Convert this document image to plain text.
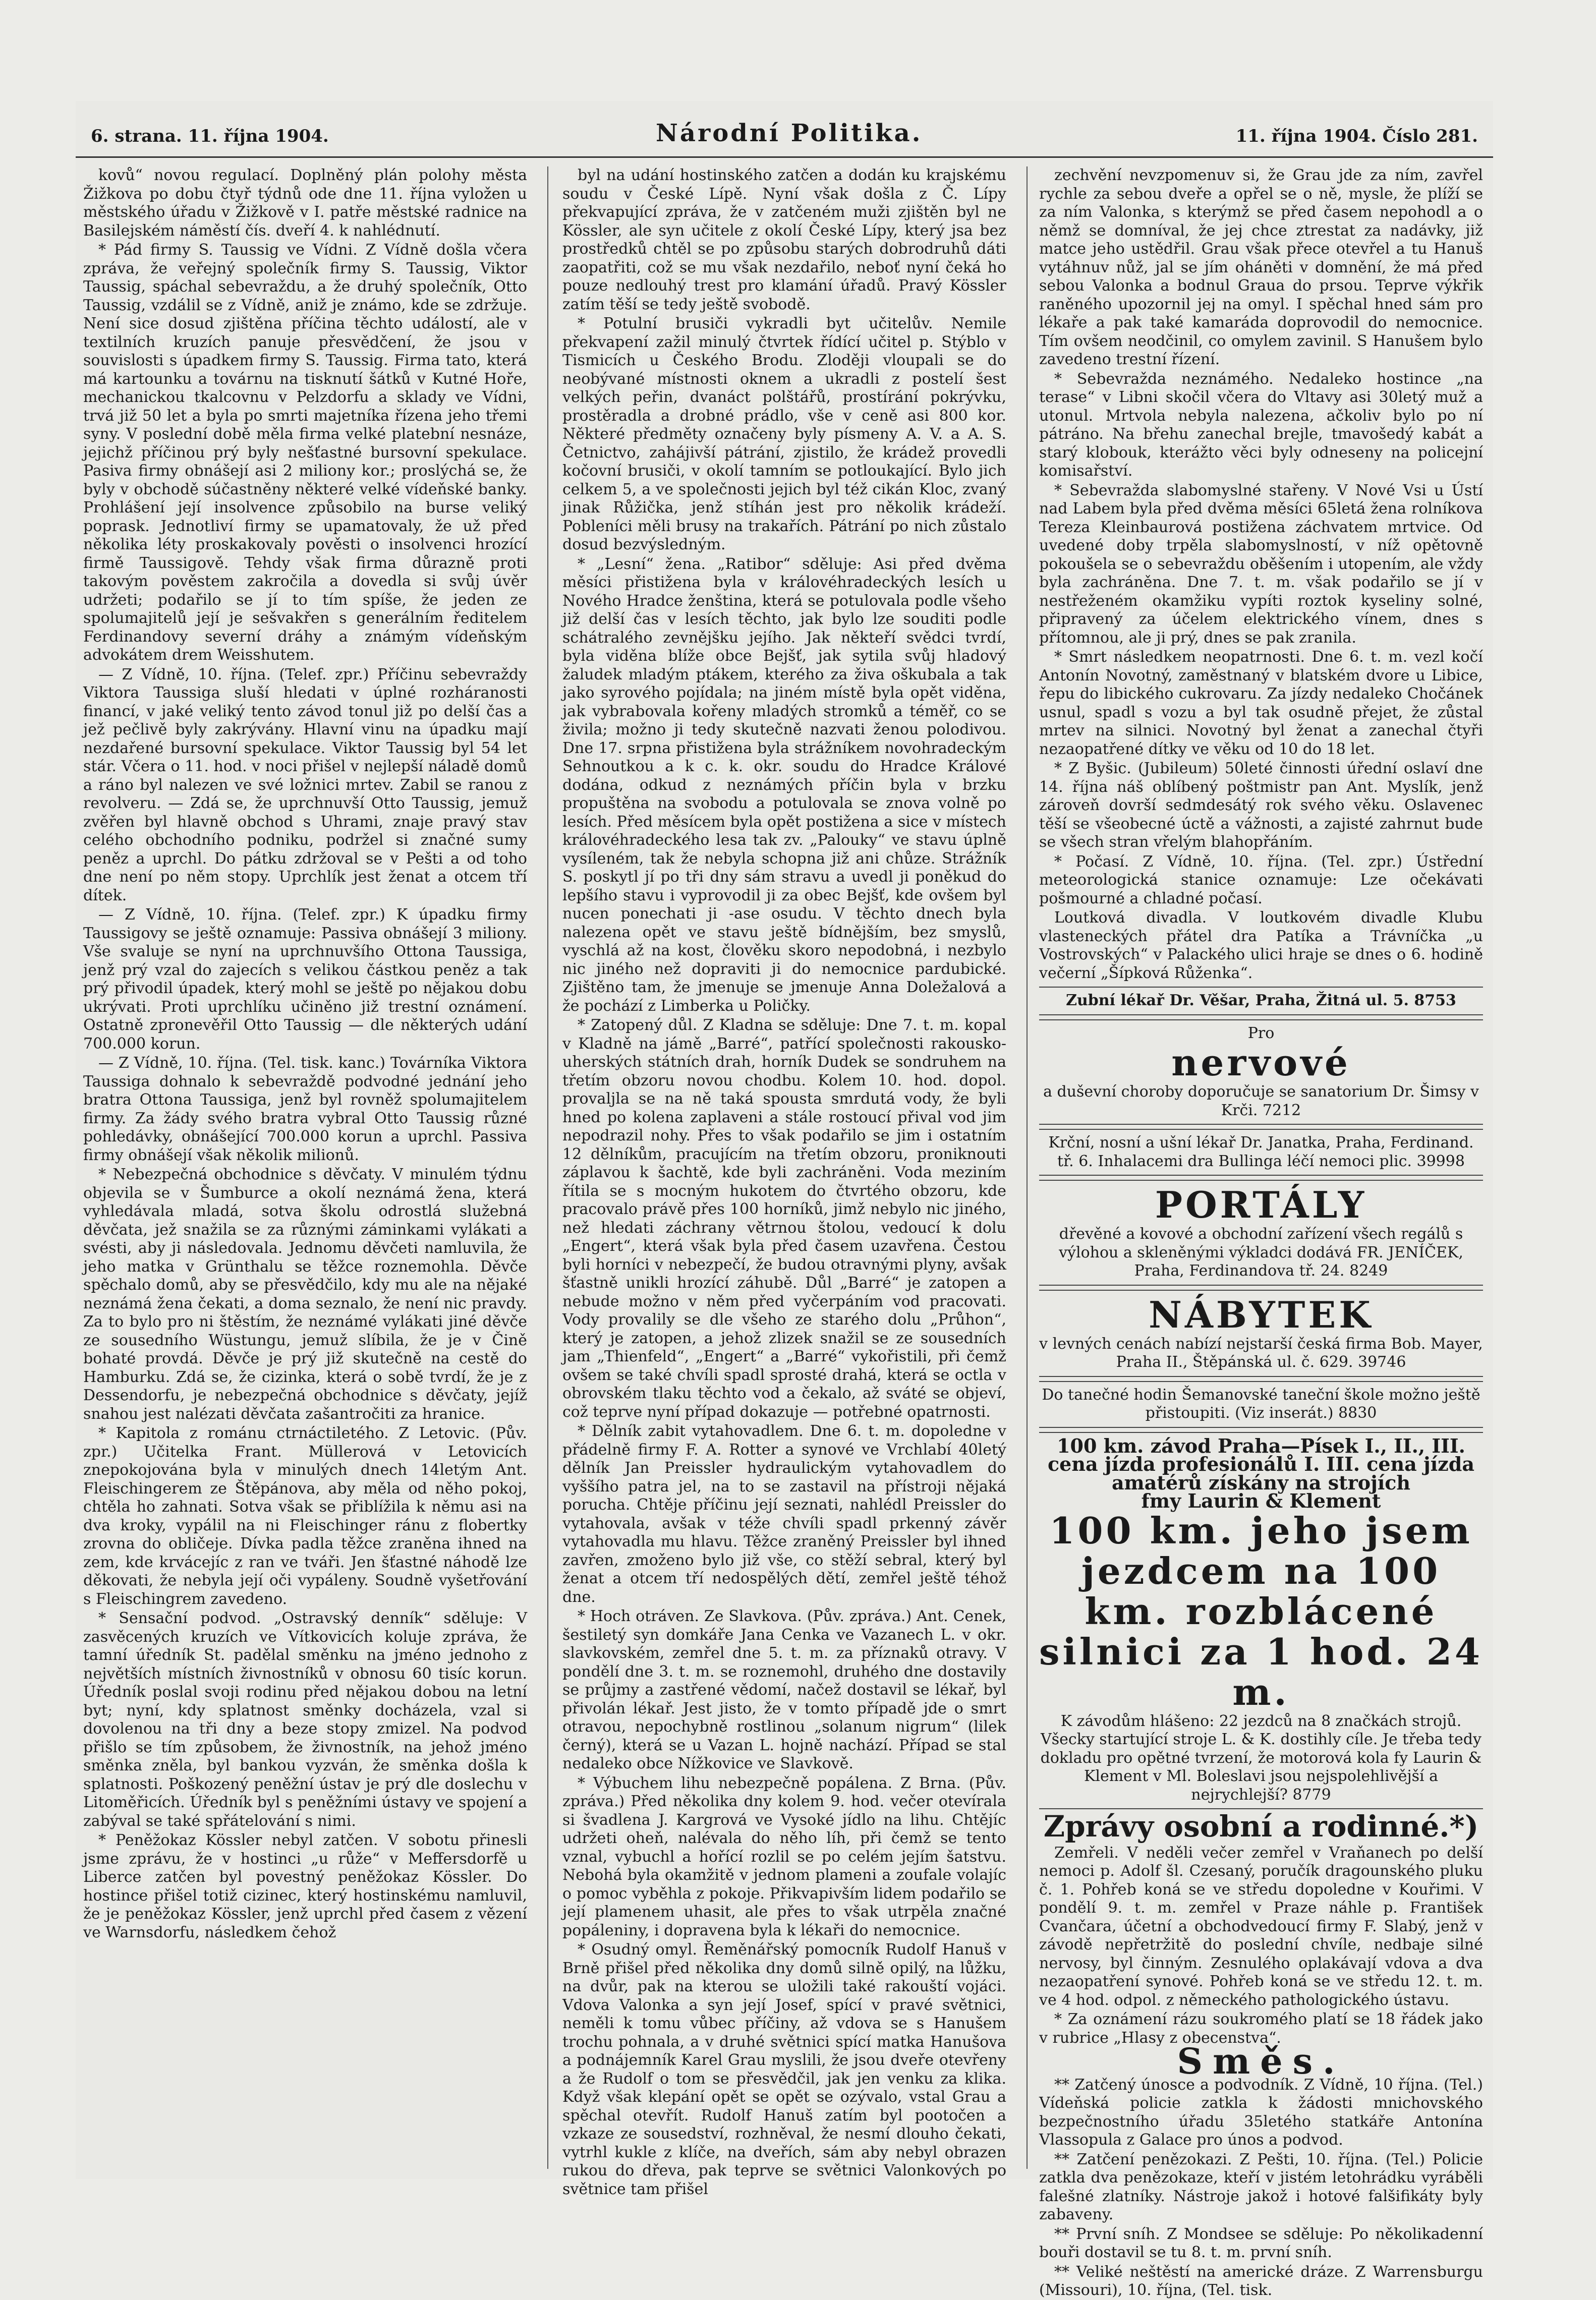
6. strana. 11. října 1904.	Národní Politika.	11. října 1904. Číslo 281.

kovů“ novou regulací. Doplněný plán polohy města Žižkova po dobu čtyř týdnů ode dne 11. října vyložen u městského úřadu v Žižkově v I. patře městské radnice na Basilejském náměstí čís. dveří 4. k nahlédnutí.

* Pád firmy S. Taussig ve Vídni. Z Vídně došla včera zpráva, že veřejný společník firmy S. Taussig, Viktor Taussig, spáchal sebevraždu, a že druhý společník, Otto Taussig, vzdálil se z Vídně, aniž je známo, kde se zdržuje. Není sice dosud zjištěna příčina těchto událostí, ale v textilních kruzích panuje přesvědčení, že jsou v souvislosti s úpadkem firmy S. Taussig. Firma tato, která má kartounku a továrnu na tisknutí šátků v Kutné Hoře, mechanickou tkalcovnu v Pelzdorfu a sklady ve Vídni, trvá již 50 let a byla po smrti majetníka řízena jeho třemi syny. V poslední době měla firma velké platební nesnáze, jejichž příčinou prý byly nešťastné bursovní spekulace. Pasiva firmy obnášejí asi 2 miliony kor.; proslýchá se, že byly v obchodě súčastněny některé velké vídeňské banky. Prohlášení její insolvence způsobilo na burse veliký poprask. Jednotliví firmy se upamatovaly, že už před několika léty proskakovaly pověsti o insolvenci hrozící firmě Taussigově. Tehdy však firma důrazně proti takovým pověstem zakročila a dovedla si svůj úvěr udržeti; podařilo se jí to tím spíše, že jeden ze spolumajitelů její je sešvakřen s generálním ředitelem Ferdinandovy severní dráhy a známým vídeňským advokátem drem Weisshutem.

— Z Vídně, 10. října. (Telef. zpr.) Příčinu sebevraždy Viktora Taussiga sluší hledati v úplné rozháranosti financí, v jaké veliký tento závod tonul již po delší čas a jež pečlivě byly zakrývány. Hlavní vinu na úpadku mají nezdařené bursovní spekulace. Viktor Taussig byl 54 let stár. Včera o 11. hod. v noci přišel v nejlepší náladě domů a ráno byl nalezen ve své ložnici mrtev. Zabil se ranou z revolveru. — Zdá se, že uprchnuvší Otto Taussig, jemuž zvěřen byl hlavně obchod s Uhrami, znaje pravý stav celého obchodního podniku, podržel si značné sumy peněz a uprchl. Do pátku zdržoval se v Pešti a od toho dne není po něm stopy. Uprchlík jest ženat a otcem tří dítek.

— Z Vídně, 10. října. (Telef. zpr.) K úpadku firmy Taussigovy se ještě oznamuje: Passiva obnášejí 3 miliony. Vše svaluje se nyní na uprchnuvšího Ottona Taussiga, jenž prý vzal do zajecích s velikou částkou peněz a tak prý přivodil úpadek, který mohl se ještě po nějakou dobu ukrývati. Proti uprchlíku učiněno již trestní oznámení. Ostatně zpronevěřil Otto Taussig — dle některých udání 700.000 korun.

— Z Vídně, 10. října. (Tel. tisk. kanc.) Továrníka Viktora Taussiga dohnalo k sebevraždě podvodné jednání jeho bratra Ottona Taussiga, jenž byl rovněž spolumajitelem firmy. Za žády svého bratra vybral Otto Taussig různé pohledávky, obnášející 700.000 korun a uprchl. Passiva firmy obnášejí však několik milionů.

* Nebezpečná obchodnice s děvčaty. V minulém týdnu objevila se v Šumburce a okolí neznámá žena, která vyhledávala mladá, sotva školu odrostlá služebná děvčata, jež snažila se za různými záminkami vylákati a svésti, aby ji následovala. Jednomu děvčeti namluvila, že jeho matka v Grünthalu se těžce roznemohla. Děvče spěchalo domů, aby se přesvědčilo, kdy mu ale na nějaké neznámá žena čekati, a doma seznalo, že není nic pravdy. Za to bylo pro ni štěstím, že neznámé vylákati jiné děvče ze sousedního Wüstungu, jemuž slíbila, že je v Čině bohaté provdá. Děvče je prý již skutečně na cestě do Hamburku. Zdá se, že cizinka, která o sobě tvrdí, že je z Dessendorfu, je nebezpečná obchodnice s děvčaty, jejíž snahou jest nalézati děvčata zašantročiti za hranice.

* Kapitola z románu ctrnáctiletého. Z Letovic. (Pův. zpr.) Učitelka Frant. Müllerová v Letovicích znepokojována byla v minulých dnech 14letým Ant. Fleischingerem ze Štěpánova, aby měla od něho pokoj, chtěla ho zahnati. Sotva však se přiblížila k němu asi na dva kroky, vypálil na ni Fleischinger ránu z flobertky zrovna do obličeje. Dívka padla těžce zraněna ihned na zem, kde krvácejíc z ran ve tváři. Jen šťastné náhodě lze děkovati, že nebyla její oči vypáleny. Soudně vyšetřování s Fleischingrem zavedeno.

* Sensační podvod. „Ostravský denník“ sděluje: V zasvěcených kruzích ve Vítkovicích koluje zpráva, že tamní úředník St. padělal směnku na jméno jednoho z největších místních živnostníků v obnosu 60 tisíc korun. Úředník poslal svoji rodinu před nějakou dobou na letní byt; nyní, kdy splatnost směnky docházela, vzal si dovolenou na tři dny a beze stopy zmizel. Na podvod přišlo se tím způsobem, že živnostník, na jehož jméno směnka zněla, byl bankou vyzván, že směnka došla k splatnosti. Poškozený peněžní ústav je prý dle doslechu v Litoměřicích. Úředník byl s peněžními ústavy ve spojení a zabýval se také spřátelování s nimi.

* Peněžokaz Kössler nebyl zatčen. V sobotu přinesli jsme zprávu, že v hostinci „u růže“ v Meffersdorfě u Liberce zatčen byl povestný peněžokaz Kössler. Do hostince přišel totiž cizinec, který hostinskému namluvil, že je peněžokaz Kössler, jenž uprchl před časem z vězení ve Warnsdorfu, následkem čehož

byl na udání hostinského zatčen a dodán ku krajskému soudu v České Lípě. Nyní však došla z Č. Lípy překvapující zpráva, že v zatčeném muži zjištěn byl ne Kössler, ale syn učitele z okolí České Lípy, který jsa bez prostředků chtěl se po způsobu starých dobrodruhů dáti zaopatřiti, což se mu však nezdařilo, neboť nyní čeká ho pouze nedlouhý trest pro klamání úřadů. Pravý Kössler zatím těší se tedy ještě svobodě.

* Potulní brusiči vykradli byt učitelův. Nemile překvapení zažil minulý čtvrtek řídící učitel p. Stýblo v Tismicích u Českého Brodu. Zloději vloupali se do neobývané místnosti oknem a ukradli z postelí šest velkých peřin, dvanáct polštářů, prostírání pokrývku, prostěradla a drobné prádlo, vše v ceně asi 800 kor. Některé předměty označeny byly písmeny A. V. a A. S. Četnictvo, zahájivší pátrání, zjistilo, že krádež provedli kočovní brusiči, v okolí tamním se potloukající. Bylo jich celkem 5, a ve společnosti jejich byl též cikán Kloc, zvaný jinak Růžička, jenž stíhán jest pro několik krádeží. Pobleníci měli brusy na trakařích. Pátrání po nich zůstalo dosud bezvýsledným.

* „Lesní“ žena. „Ratibor“ sděluje: Asi před dvěma měsíci přistižena byla v královéhradeckých lesích u Nového Hradce ženština, která se potulovala podle všeho již delší čas v lesích těchto, jak bylo lze souditi podle schátralého zevnějšku jejího. Jak někteří svědci tvrdí, byla viděna blíže obce Bejšť, jak sytila svůj hladový žaludek mladým ptákem, kterého za živa oškubala a tak jako syrového pojídala; na jiném místě byla opět viděna, jak vybrabovala kořeny mladých stromků a téměř, co se živila; možno ji tedy skutečně nazvati ženou polodivou. Dne 17. srpna přistižena byla strážníkem novohradeckým Sehnoutkou a k c. k. okr. soudu do Hradce Králové dodána, odkud z neznámých příčin byla v brzku propuštěna na svobodu a potulovala se znova volně po lesích. Před měsícem byla opět postižena a sice v místech královéhradeckého lesa tak zv. „Palouky“ ve stavu úplně vysíleném, tak že nebyla schopna již ani chůze. Strážník S. poskytl jí po tři dny sám stravu a uvedl ji poněkud do lepšího stavu i vyprovodil ji za obec Bejšť, kde ovšem byl nucen ponechati ji -ase osudu. V těchto dnech byla nalezena opět ve stavu ještě bídnějším, bez smyslů, vyschlá až na kost, člověku skoro nepodobná, i nezbylo nic jiného než dopraviti ji do nemocnice pardubické. Zjištěno tam, že jmenuje se jmenuje Anna Doležalová a že pochází z Limberka u Poličky.

* Zatopený důl. Z Kladna se sděluje: Dne 7. t. m. kopal v Kladně na jámě „Barré“, patřící společnosti rakousko-uherských státních drah, horník Dudek se sondruhem na třetím obzoru novou chodbu. Kolem 10. hod. dopol. provaljla se na ně taká spousta smrdutá vody, že byli hned po kolena zaplaveni a stále rostoucí přival vod jim nepodrazil nohy. Přes to však podařilo se jim i ostatním 12 dělníkům, pracujícím na třetím obzoru, proniknouti záplavou k šachtě, kde byli zachráněni. Voda meziním řítila se s mocným hukotem do čtvrtého obzoru, kde pracovalo právě přes 100 horníků, jimž nebylo nic jiného, než hledati záchrany větrnou štolou, vedoucí k dolu „Engert“, která však byla před časem uzavřena. Čestou byli horníci v nebezpečí, že budou otravnými plyny, avšak šťastně unikli hrozící záhubě. Důl „Barré“ je zatopen a nebude možno v něm před vyčerpáním vod pracovati. Vody provalily se dle všeho ze starého dolu „Průhon“, který je zatopen, a jehož zlizek snažil se ze sousedních jam „Thienfeld“, „Engert“ a „Barré“ vykořistili, při čemž ovšem se také chvíli spadl sprosté drahá, která se octla v obrovském tlaku těchto vod a čekalo, až sváté se objeví, což teprve nyní případ dokazuje — potřebné opatrnosti.

* Dělník zabit vytahovadlem. Dne 6. t. m. dopoledne v přádelně firmy F. A. Rotter a synové ve Vrchlabí 40letý dělník Jan Preissler hydraulickým vytahovadlem do vyššího patra jel, na to se zastavil na přístroji nějaká porucha. Chtěje příčinu její seznati, nahlédl Preissler do vytahovala, avšak v téže chvíli spadl prkenný závěr vytahovadla mu hlavu. Těžce zraněný Preissler byl ihned zavřen, zmoženo bylo již vše, co stěží sebral, který byl ženat a otcem tří nedospělých dětí, zemřel ještě téhož dne.

* Hoch otráven. Ze Slavkova. (Pův. zpráva.) Ant. Cenek, šestiletý syn domkáře Jana Cenka ve Vazanech L. v okr. slavkovském, zemřel dne 5. t. m. za příznaků otravy. V pondělí dne 3. t. m. se roznemohl, druhého dne dostavily se průjmy a zastřené vědomí, načež dostavil se lékař, byl přivolán lékař. Jest jisto, že v tomto případě jde o smrt otravou, nepochybně rostlinou „solanum nigrum“ (lilek černý), která se u Vazan L. hojně nachází. Případ se stal nedaleko obce Nížkovice ve Slavkově.

* Výbuchem lihu nebezpečně popálena. Z Brna. (Pův. zpráva.) Před několika dny kolem 9. hod. večer otevírala si švadlena J. Kargrová ve Vysoké jídlo na lihu. Chtějíc udržeti oheň, nalévala do něho líh, při čemž se tento vznal, vybuchl a hořící rozlil se po celém jejím šatstvu. Nebohá byla okamžitě v jednom plameni a zoufale volajíc o pomoc vyběhla z pokoje. Přikvapivším lidem podařilo se její plamenem uhasit, ale přes to však utrpěla značné popáleniny, i dopravena byla k lékaři do nemocnice.

* Osudný omyl. Řeměnářský pomocník Rudolf Hanuš v Brně přišel před několika dny domů silně opilý, na lůžku, na dvůr, pak na kterou se uložili také rakouští vojáci. Vdova Valonka a syn její Josef, spící v pravé světnici, neměli k tomu vůbec příčiny, až vdova se s Hanušem trochu pohnala, a v druhé světnici spící matka Hanušova a podnájemník Karel Grau myslili, že jsou dveře otevřeny a že Rudolf o tom se přesvědčil, jak jen venku za klika. Když však klepání opět se opět se ozývalo, vstal Grau a spěchal otevřít. Rudolf Hanuš zatím byl pootočen a vzkaze ze sousedství, rozhněval, že nesmí dlouho čekati, vytrhl kukle z klíče, na dveřích, sám aby nebyl obrazen rukou do dřeva, pak teprve se světnici Valonkových po světnice tam přišel

zechvění nevzpomenuv si, že Grau jde za ním, zavřel rychle za sebou dveře a opřel se o ně, mysle, že plíží se za ním Valonka, s kterýmž se před časem nepohodl a o němž se domníval, že jej chce ztrestat za nadávky, již matce jeho ustědřil. Grau však přece otevřel a tu Hanuš vytáhnuv nůž, jal se jím oháněti v domnění, že má před sebou Valonka a bodnul Graua do prsou. Teprve výkřik raněného upozornil jej na omyl. I spěchal hned sám pro lékaře a pak také kamaráda doprovodil do nemocnice. Tím ovšem neodčinil, co omylem zavinil. S Hanušem bylo zavedeno trestní řízení.

* Sebevražda neznámého. Nedaleko hostince „na terase“ v Libni skočil včera do Vltavy asi 30letý muž a utonul. Mrtvola nebyla nalezena, ačkoliv bylo po ní pátráno. Na břehu zanechal brejle, tmavošedý kabát a starý klobouk, kterážto věci byly odneseny na policejní komisařství.

* Sebevražda slabomyslné stařeny. V Nové Vsi u Ústí nad Labem byla před dvěma měsíci 65letá žena rolníkova Tereza Kleinbaurová postižena záchvatem mrtvice. Od uvedené doby trpěla slabomyslností, v níž opětovně pokoušela se o sebevraždu oběšením i utopením, ale vždy byla zachráněna. Dne 7. t. m. však podařilo se jí v nestřeženém okamžiku vypíti roztok kyseliny solné, připravený za účelem elektrického vínem, dnes s přítomnou, ale ji prý, dnes se pak zranila.

* Smrt následkem neopatrnosti. Dne 6. t. m. vezl kočí Antonín Novotný, zaměstnaný v blatském dvore u Libice, řepu do libického cukrovaru. Za jízdy nedaleko Chočánek usnul, spadl s vozu a byl tak osudně přejet, že zůstal mrtev na silnici. Novotný byl ženat a zanechal čtyři nezaopatřené dítky ve věku od 10 do 18 let.

* Z Byšic. (Jubileum) 50leté činnosti úřední oslaví dne 14. října náš oblíbený poštmistr pan Ant. Myslík, jenž zároveň dovrší sedmdesátý rok svého věku. Oslavenec těší se všeobecné úctě a vážnosti, a zajisté zahrnut bude se všech stran vřelým blahopřáním.

* Počasí. Z Vídně, 10. října. (Tel. zpr.) Ústřední meteorologická stanice oznamuje: Lze očekávati pošmourné a chladné počasí.

Loutková divadla. V loutkovém divadle Klubu vlasteneckých přátel dra Patíka a Trávníčka „u Vostrovských“ v Palackého ulici hraje se dnes o 6. hodině večerní „Šípková Růženka“.

Zubní lékař Dr. Věšar, Praha, Žitná ul. 5. 8753
Pro
nervové
a duševní choroby doporučuje se sanatorium Dr. Šimsy v Krči. 7212
Krční, nosní a ušní lékař Dr. Janatka, Praha, Ferdinand. tř. 6. Inhalacemi dra Bullinga léčí nemoci plic. 39998
PORTÁLY
dřevěné a kovové a obchodní zařízení všech regálů s výlohou a skleněnými výkladci dodává FR. JENÍČEK, Praha, Ferdinandova tř. 24. 8249
NÁBYTEK
v levných cenách nabízí nejstarší česká firma Bob. Mayer, Praha II., Štěpánská ul. č. 629. 39746
Do tanečné hodin Šemanovské taneční škole možno ještě přistoupiti. (Viz inserát.) 8830
100 km. závod Praha—Písek I., II., III. cena jízda profesionálů I. III. cena jízda amatérů získány na strojích
fmy Laurin & Klement
100 km. jeho jsem jezdcem na 100 km. rozblácené silnici za 1 hod. 24 m.
K závodům hlášeno: 22 jezdců na 8 značkách strojů. Všecky startující stroje L. & K. dostihly cíle. Je třeba tedy dokladu pro opětné tvrzení, že motorová kola fy Laurin & Klement v Ml. Boleslavi jsou nejspolehlivější a nejrychlejší? 8779

Zprávy osobní a rodinné.*)

Zemřeli. V neděli večer zemřel v Vraňanech po delší nemoci p. Adolf šl. Czesaný, poručík dragounského pluku č. 1. Pohřeb koná se ve středu dopoledne v Kouřimi. V pondělí 9. t. m. zemřel v Praze náhle p. František Cvančara, účetní a obchodvedoucí firmy F. Slabý, jenž v závodě nepřetržitě do poslední chvíle, nedbaje silné nervosy, byl činným. Zesnulého oplakávají vdova a dva nezaopatření synové. Pohřeb koná se ve středu 12. t. m. ve 4 hod. odpol. z německého pathologického ústavu.

* Za oznámení rázu soukromého platí se 18 řádek jako v rubrice „Hlasy z obecenstva“.

Směs.

** Zatčený únosce a podvodník. Z Vídně, 10 října. (Tel.) Vídeňská policie zatkla k žádosti mnichovského bezpečnostního úřadu 35letého statkáře Antonína Vlassopula z Galace pro únos a podvod.

** Zatčení penězokazi. Z Pešti, 10. října. (Tel.) Policie zatkla dva penězokaze, kteří v jistém letohrádku vyráběli falešné zlatníky. Nástroje jakož i hotové falšifikáty byly zabaveny.

** První sníh. Z Mondsee se sděluje: Po několikadenní bouři dostavil se tu 8. t. m. první sníh.

** Veliké neštěstí na americké dráze. Z Warrensburgu (Missouri), 10. října, (Tel. tisk.
